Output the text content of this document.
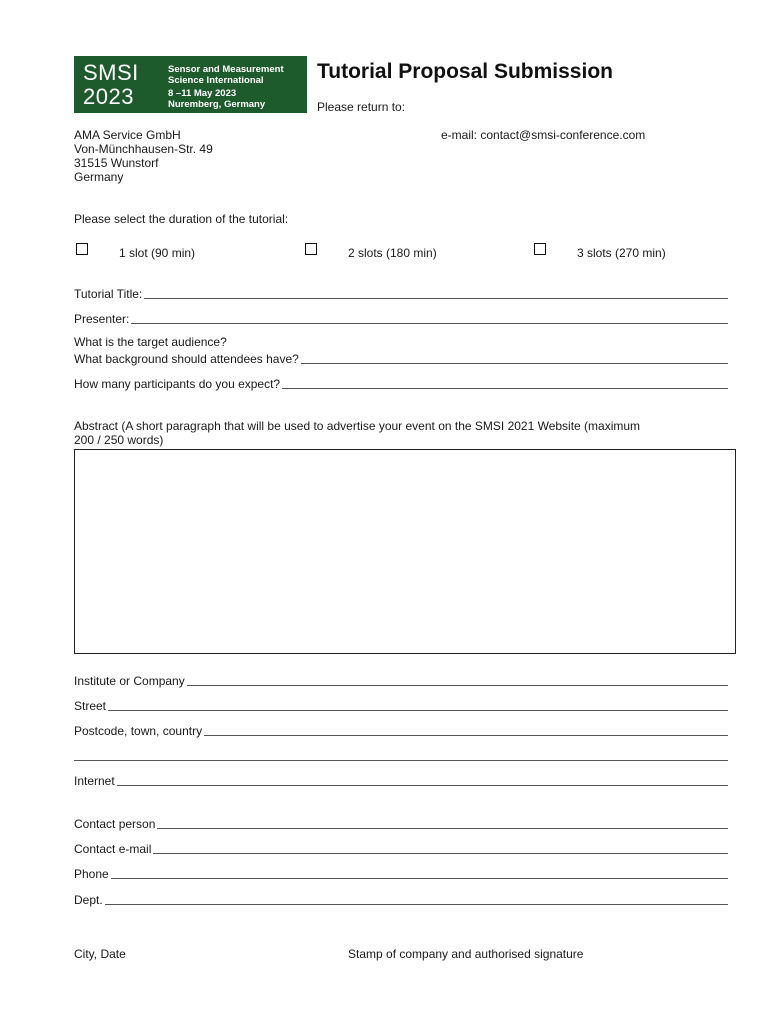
SMSI
2023
Sensor and Measurement
Science International
8 –11 May 2023
Nuremberg, Germany
Tutorial Proposal Submission
Please return to:
AMA Service GmbH
Von-Münchhausen-Str. 49
31515 Wunstorf
Germany
e-mail: contact@smsi-conference.com
Please select the duration of the tutorial:
1 slot (90 min)	2 slots (180 min)	3 slots (270 min)
Tutorial Title:
Presenter:
What is the target audience?
What background should attendees have?
How many participants do you expect?
Abstract (A short paragraph that will be used to advertise your event on the SMSI 2021 Website (maximum
200 / 250 words)
Institute or Company
Street
Postcode, town, country
Internet
Contact person
Contact e-mail
Phone
Dept.
City, Date	Stamp of company and authorised signature
